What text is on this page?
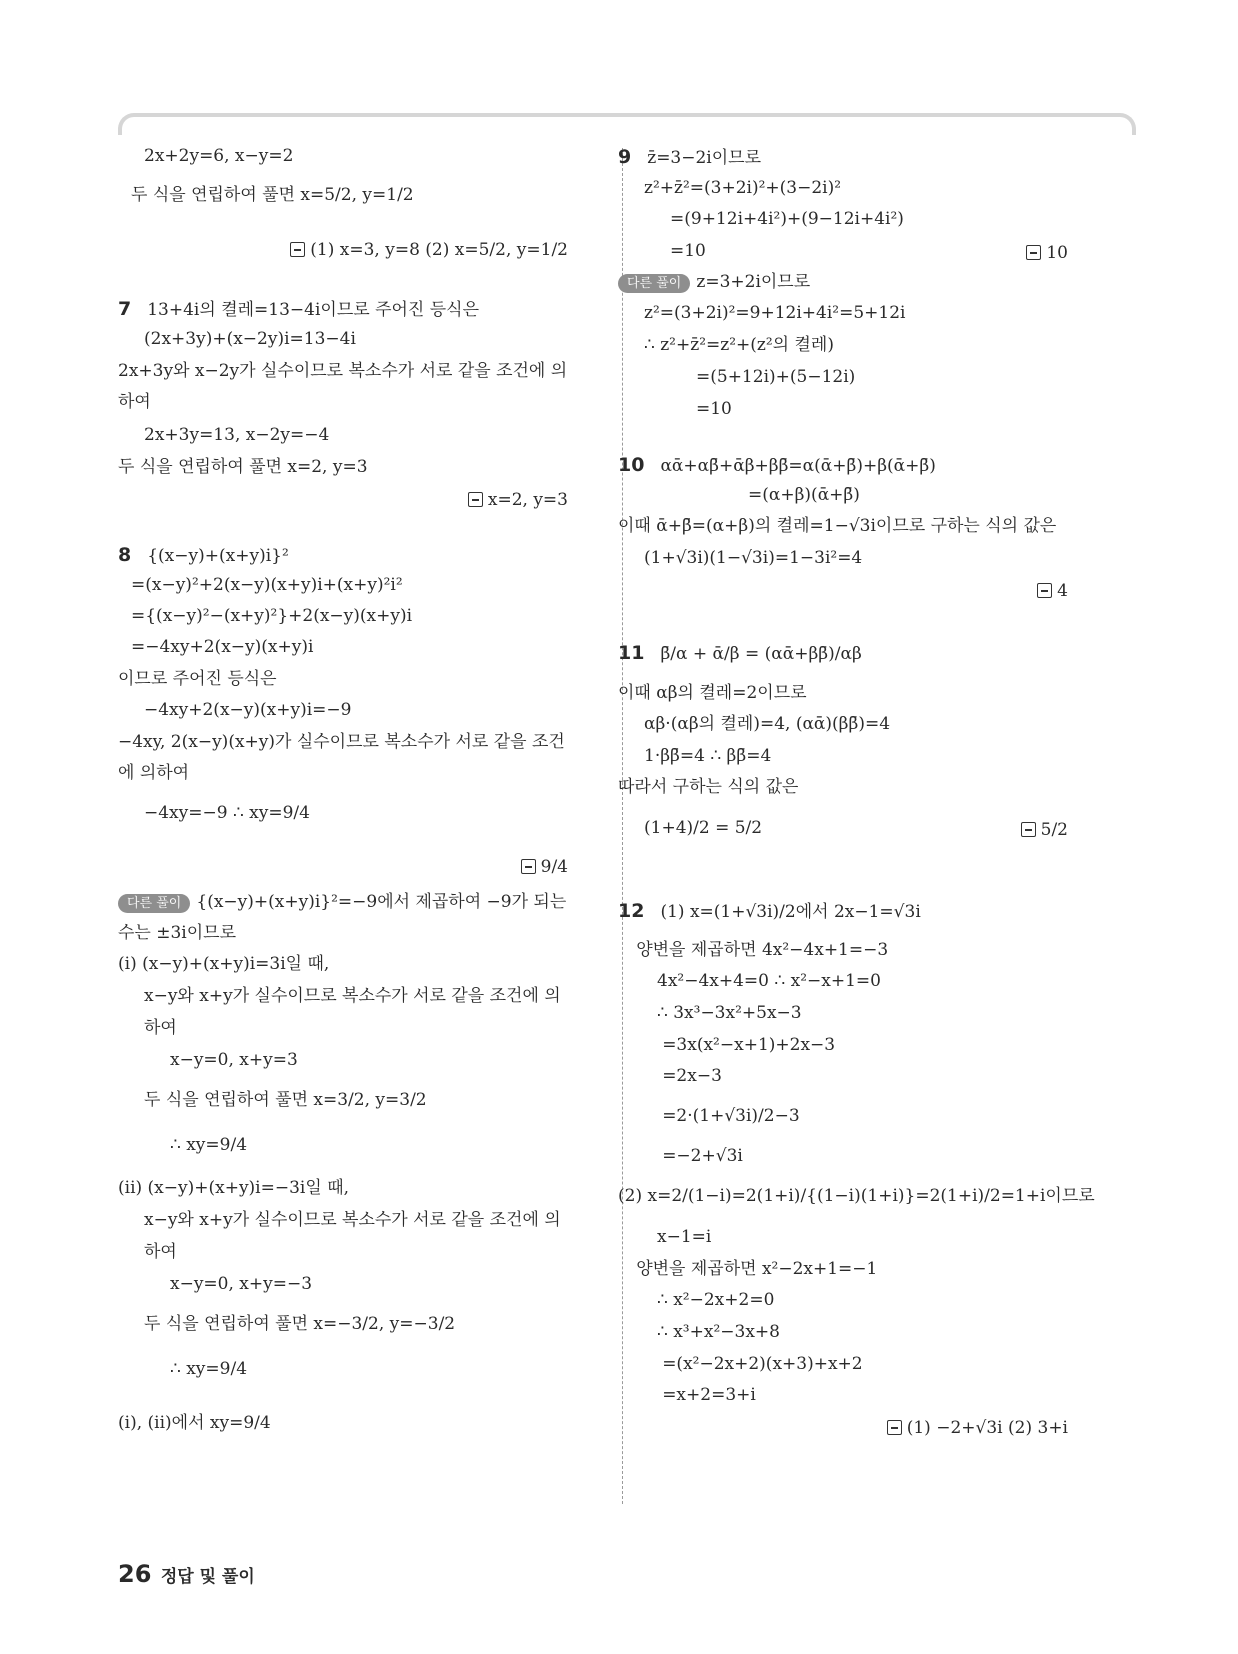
2x+2y=6, x−y=2
두 식을 연립하여 풀면 x=5/2, y=1/2
(1) x=3, y=8 (2) x=5/2, y=1/2
7 13+4i의 켤레=13−4i이므로 주어진 등식은
(2x+3y)+(x−2y)i=13−4i
2x+3y와 x−2y가 실수이므로 복소수가 서로 같을 조건에 의
하여
2x+3y=13, x−2y=−4
두 식을 연립하여 풀면 x=2, y=3
x=2, y=3
8 {(x−y)+(x+y)i}²
=(x−y)²+2(x−y)(x+y)i+(x+y)²i²
={(x−y)²−(x+y)²}+2(x−y)(x+y)i
=−4xy+2(x−y)(x+y)i
이므로 주어진 등식은
−4xy+2(x−y)(x+y)i=−9
−4xy, 2(x−y)(x+y)가 실수이므로 복소수가 서로 같을 조건
에 의하여
−4xy=−9 ∴ xy=9/4
9/4
다른 풀이 {(x−y)+(x+y)i}²=−9에서 제곱하여 −9가 되는
수는 ±3i이므로
(i) (x−y)+(x+y)i=3i일 때,
x−y와 x+y가 실수이므로 복소수가 서로 같을 조건에 의
하여
x−y=0, x+y=3
두 식을 연립하여 풀면 x=3/2, y=3/2
∴ xy=9/4
(ii) (x−y)+(x+y)i=−3i일 때,
x−y와 x+y가 실수이므로 복소수가 서로 같을 조건에 의
하여
x−y=0, x+y=−3
두 식을 연립하여 풀면 x=−3/2, y=−3/2
∴ xy=9/4
(i), (ii)에서 xy=9/4
9 z̄=3−2i이므로
z²+z̄²=(3+2i)²+(3−2i)²
=(9+12i+4i²)+(9−12i+4i²)
=10	10
다른 풀이 z=3+2i이므로
z²=(3+2i)²=9+12i+4i²=5+12i
∴ z²+z̄²=z²+(z²의 켤레)
=(5+12i)+(5−12i)
=10
10 αᾱ+αβ̄+ᾱβ+ββ̄=α(ᾱ+β̄)+β(ᾱ+β̄)
=(α+β)(ᾱ+β̄)
이때 ᾱ+β̄=(α+β)의 켤레=1−√3i이므로 구하는 식의 값은
(1+√3i)(1−√3i)=1−3i²=4
4
11 β̄/α + ᾱ/β = (αᾱ+ββ̄)/αβ
이때 αβ의 켤레=2이므로
αβ·(αβ의 켤레)=4, (αᾱ)(ββ̄)=4
1·ββ̄=4 ∴ ββ̄=4
따라서 구하는 식의 값은
(1+4)/2 = 5/2	5/2
12 (1) x=(1+√3i)/2에서 2x−1=√3i
양변을 제곱하면 4x²−4x+1=−3
4x²−4x+4=0 ∴ x²−x+1=0
∴ 3x³−3x²+5x−3
=3x(x²−x+1)+2x−3
=2x−3
=2·(1+√3i)/2−3
=−2+√3i
(2) x=2/(1−i)=2(1+i)/{(1−i)(1+i)}=2(1+i)/2=1+i이므로
x−1=i
양변을 제곱하면 x²−2x+1=−1
∴ x²−2x+2=0
∴ x³+x²−3x+8
=(x²−2x+2)(x+3)+x+2
=x+2=3+i
(1) −2+√3i (2) 3+i
26 정답 및 풀이
